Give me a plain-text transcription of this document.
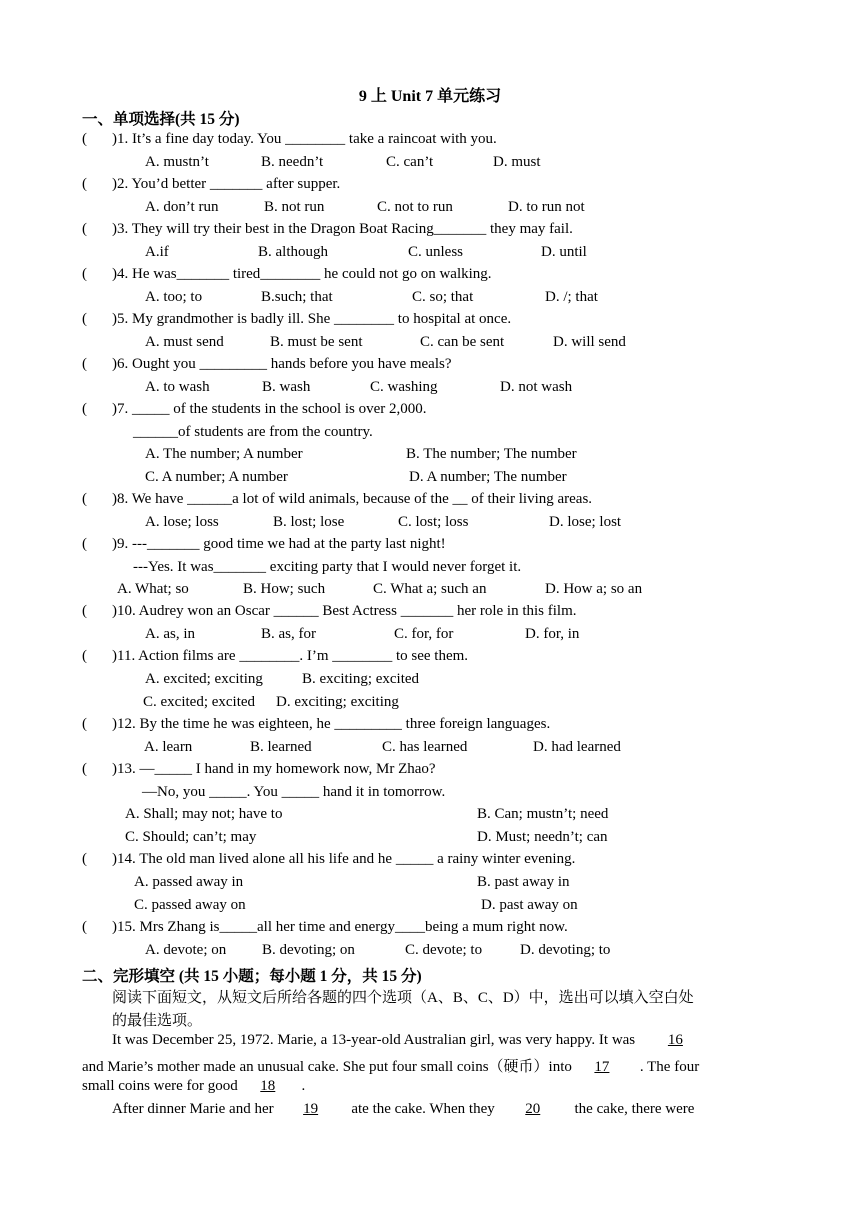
9 上 Unit 7 单元练习
一、单项选择(共 15 分)
( )1. It’s a fine day today. You ________ take a raincoat with you.
A. mustn’t	B. needn’t	C. can’t	D. must
( )2. You’d better _______ after supper.
A. don’t run	B. not run	C. not to run	D. to run not
( )3. They will try their best in the Dragon Boat Racing_______ they may fail.
A.if	B. although	C. unless	D. until
( )4. He was_______ tired________ he could not go on walking.
A. too; to	B.such; that	C. so; that	D. /; that
( )5. My grandmother is badly ill. She ________ to hospital at once.
A. must send	B. must be sent	C. can be sent	D. will send
( )6. Ought you _________ hands before you have meals?
A. to wash	B. wash	C. washing	D. not wash
( )7. _____ of the students in the school is over 2,000.
______of students are from the country.
A. The number; A number	B. The number; The number
C. A number; A number	D. A number; The number
( )8. We have ______a lot of wild animals, because of the __ of their living areas.
A. lose; loss	B. lost; lose	C. lost; loss	D. lose; lost
( )9. ---_______ good time we had at the party last night!
---Yes. It was_______ exciting party that I would never forget it.
A. What; so	B. How; such	C. What a; such an	D. How a; so an
( )10. Audrey won an Oscar ______ Best Actress _______ her role in this film.
A. as, in	B. as, for	C. for, for	D. for, in
( )11. Action films are ________. I’m ________ to see them.
A. excited; exciting	B. exciting; excited
C. excited; excited D. exciting; exciting
( )12. By the time he was eighteen, he _________ three foreign languages.
A. learn	B. learned	C. has learned	D. had learned
( )13. —_____ I hand in my homework now, Mr Zhao?
—No, you _____. You _____ hand it in tomorrow.
A. Shall; may not; have to	B. Can; mustn’t; need
C. Should; can’t; may	D. Must; needn’t; can
( )14. The old man lived alone all his life and he _____ a rainy winter evening.
A. passed away in	B. past away in
C. passed away on	D. past away on
( )15. Mrs Zhang is_____all her time and energy____being a mum right now.
A. devote; on B. devoting; on	C. devote; to	D. devoting; to
二、完形填空 (共 15 小题；每小题 1 分，共 15 分)
阅读下面短文，从短文后所给各题的四个选项（A、B、C、D）中，选出可以填入空白处
的最佳选项。
It was December 25, 1972. Marie, a 13-year-old Australian girl, was very happy. It was 16
and Marie’s mother made an unusual cake. She put four small coins（硬币）into 17 . The four
small coins were for good 18 .
After dinner Marie and her 19 ate the cake. When they 20 the cake, there were
